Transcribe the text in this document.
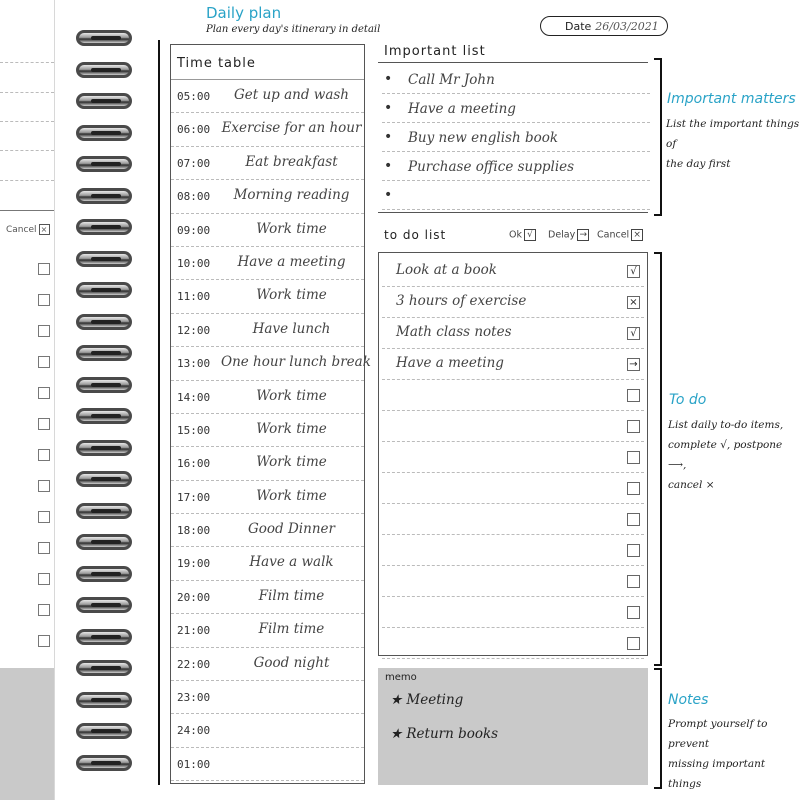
Cancel ×
Daily plan
Plan every day's itinerary in detail	Date 26/03/2021
Time table
05:00	Get up and wash
06:00 Exercise for an hour
07:00	Eat breakfast
08:00	Morning reading
09:00	Work time
10:00	Have a meeting
11:00	Work time
12:00	Have lunch
13:00 One hour lunch break
14:00	Work time
15:00	Work time
16:00	Work time
17:00	Work time
18:00	Good Dinner
19:00	Have a walk
20:00	Film time
21:00	Film time
22:00	Good night
23:00
24:00
01:00
Important list
• Call Mr John
• Have a meeting
• Buy new english book
• Purchase office supplies
•
Important matters
List the important things of
the day first
to do list	Ok √	Delay → Cancel ×
Look at a book	√
3 hours of exercise	×
Math class notes	√
Have a meeting	→
To do
List daily to-do items,
complete √, postpone ⟶,
cancel ×
memo
★ Meeting
★ Return books
Notes
Prompt yourself to prevent
missing important things
